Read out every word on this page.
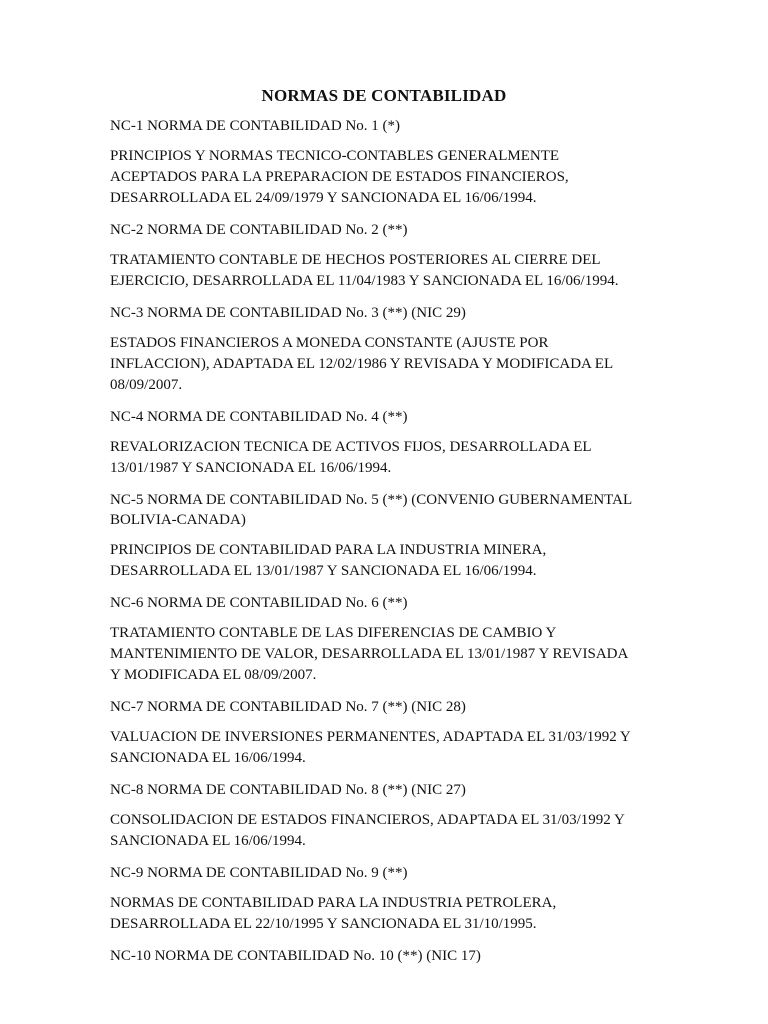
NORMAS DE CONTABILIDAD

NC-1 NORMA DE CONTABILIDAD No. 1 (*)

PRINCIPIOS Y NORMAS TECNICO-CONTABLES GENERALMENTE
ACEPTADOS PARA LA PREPARACION DE ESTADOS FINANCIEROS,
DESARROLLADA EL 24/09/1979 Y SANCIONADA EL 16/06/1994.

NC-2 NORMA DE CONTABILIDAD No. 2 (**)

TRATAMIENTO CONTABLE DE HECHOS POSTERIORES AL CIERRE DEL
EJERCICIO, DESARROLLADA EL 11/04/1983 Y SANCIONADA EL 16/06/1994.

NC-3 NORMA DE CONTABILIDAD No. 3 (**) (NIC 29)

ESTADOS FINANCIEROS A MONEDA CONSTANTE (AJUSTE POR
INFLACCION), ADAPTADA EL 12/02/1986 Y REVISADA Y MODIFICADA EL
08/09/2007.

NC-4 NORMA DE CONTABILIDAD No. 4 (**)

REVALORIZACION TECNICA DE ACTIVOS FIJOS, DESARROLLADA EL
13/01/1987 Y SANCIONADA EL 16/06/1994.

NC-5 NORMA DE CONTABILIDAD No. 5 (**) (CONVENIO GUBERNAMENTAL

BOLIVIA-CANADA)

PRINCIPIOS DE CONTABILIDAD PARA LA INDUSTRIA MINERA,
DESARROLLADA EL 13/01/1987 Y SANCIONADA EL 16/06/1994.

NC-6 NORMA DE CONTABILIDAD No. 6 (**)

TRATAMIENTO CONTABLE DE LAS DIFERENCIAS DE CAMBIO Y
MANTENIMIENTO DE VALOR, DESARROLLADA EL 13/01/1987 Y REVISADA
Y MODIFICADA EL 08/09/2007.

NC-7 NORMA DE CONTABILIDAD No. 7 (**) (NIC 28)

VALUACION DE INVERSIONES PERMANENTES, ADAPTADA EL 31/03/1992 Y
SANCIONADA EL 16/06/1994.

NC-8 NORMA DE CONTABILIDAD No. 8 (**) (NIC 27)

CONSOLIDACION DE ESTADOS FINANCIEROS, ADAPTADA EL 31/03/1992 Y
SANCIONADA EL 16/06/1994.

NC-9 NORMA DE CONTABILIDAD No. 9 (**)

NORMAS DE CONTABILIDAD PARA LA INDUSTRIA PETROLERA,
DESARROLLADA EL 22/10/1995 Y SANCIONADA EL 31/10/1995.

NC-10 NORMA DE CONTABILIDAD No. 10 (**) (NIC 17)
